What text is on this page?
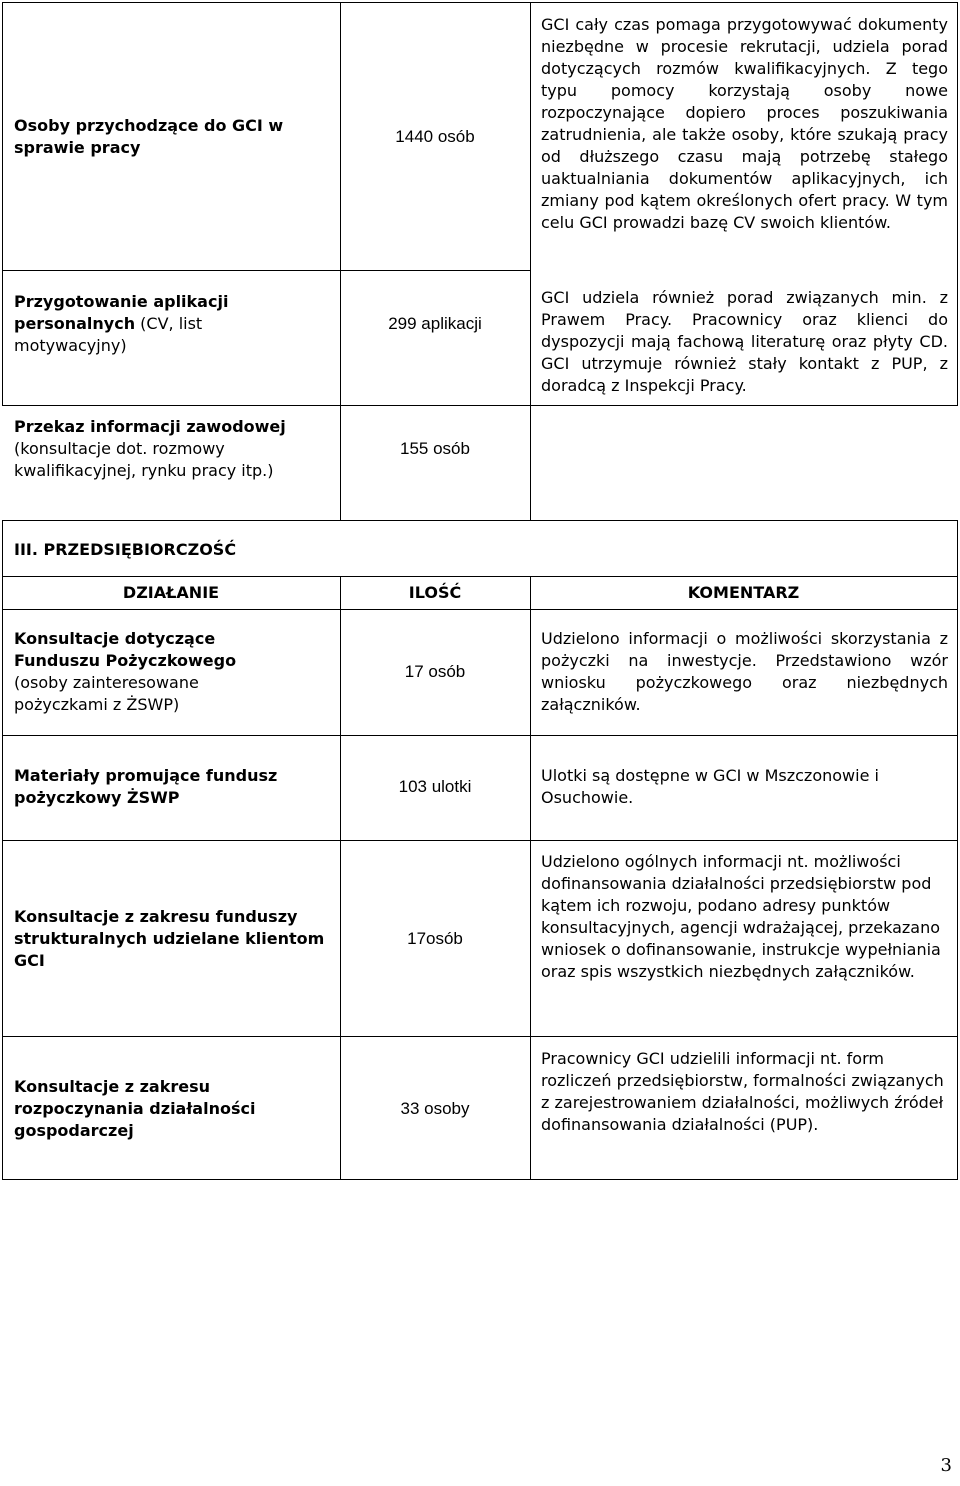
Osoby przychodzące do GCI w sprawie pracy
1440 osób
Przygotowanie aplikacji personalnych (CV, list motywacyjny)
299 aplikacji
Przekaz informacji zawodowej (konsultacje dot. rozmowy kwalifikacyjnej, rynku pracy itp.)
155 osób
GCI cały czas pomaga przygotowywać dokumenty niezbędne w procesie rekrutacji, udziela porad dotyczących rozmów kwalifikacyjnych. Z tego typu pomocy korzystają osoby nowe rozpoczynające dopiero proces poszukiwania zatrudnienia, ale także osoby, które szukają pracy od dłuższego czasu mają potrzebę stałego uaktualniania dokumentów aplikacyjnych, ich zmiany pod kątem określonych ofert pracy. W tym celu GCI prowadzi bazę CV swoich klientów.
GCI udziela również porad związanych min. z Prawem Pracy. Pracownicy oraz klienci do dyspozycji mają fachową literaturę oraz płyty CD. GCI utrzymuje również stały kontakt z PUP, z doradcą z Inspekcji Pracy.
III. PRZEDSIĘBIORCZOŚĆ
DZIAŁANIE	ILOŚĆ	KOMENTARZ
Konsultacje dotyczące Funduszu Pożyczkowego (osoby zainteresowane pożyczkami z ŻSWP)
17 osób
Udzielono informacji o możliwości skorzystania z pożyczki na inwestycje. Przedstawiono wzór wniosku pożyczkowego oraz niezbędnych załączników.
Materiały promujące fundusz pożyczkowy ŻSWP
103 ulotki
Ulotki są dostępne w GCI w Mszczonowie i Osuchowie.
Konsultacje z zakresu funduszy strukturalnych udzielane klientom GCI
17osób
Udzielono ogólnych informacji nt. możliwości dofinansowania działalności przedsiębiorstw pod kątem ich rozwoju, podano adresy punktów konsultacyjnych, agencji wdrażającej, przekazano wniosek o dofinansowanie, instrukcje wypełniania oraz spis wszystkich niezbędnych załączników.
Konsultacje z zakresu rozpoczynania działalności gospodarczej
33 osoby
Pracownicy GCI udzielili informacji nt. form rozliczeń przedsiębiorstw, formalności związanych z zarejestrowaniem działalności, możliwych źródeł dofinansowania działalności (PUP).
3
